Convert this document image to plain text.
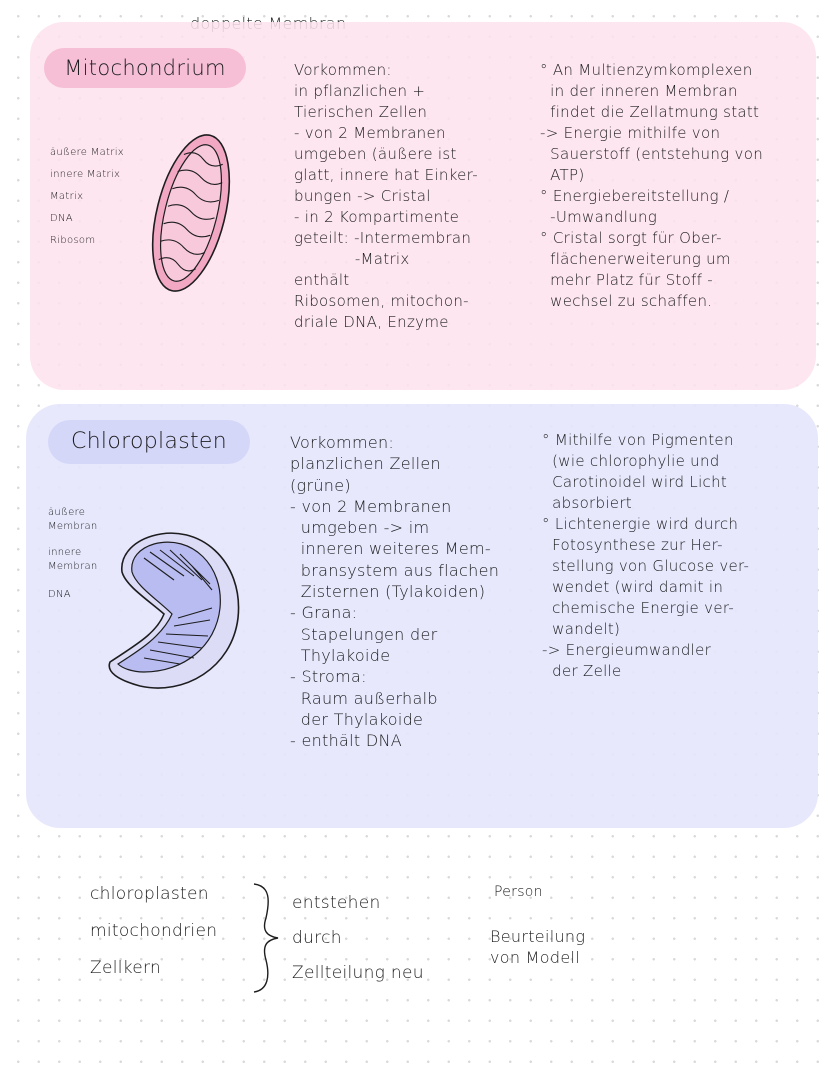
Mitochondrium
äußere Matrix
innere Matrix
Matrix
DNA
Ribosom

Vorkommen:

in pflanzlichen +

Tierischen Zellen

- von 2 Membranen

umgeben (äußere ist

glatt, innere hat Einker-

bungen -> Cristal

- in 2 Kompartimente

geteilt: -Intermembran

-Matrix

enthält

Ribosomen, mitochon-

driale DNA, Enzyme

° An Multienzymkomplexen

in der inneren Membran

findet die Zellatmung statt

-> Energie mithilfe von

Sauerstoff (entstehung von

ATP)

° Energiebereitstellung /

-Umwandlung

° Cristal sorgt für Ober-

flächenerweiterung um

mehr Platz für Stoff -

wechsel zu schaffen.

Chloroplasten
äußere Membran
innere Membran
DNA

Vorkommen:

planzlichen Zellen

(grüne)

- von 2 Membranen

umgeben -> im

inneren weiteres Mem-

bransystem aus flachen

Zisternen (Tylakoiden)

- Grana:

Stapelungen der

Thylakoide

- Stroma:

Raum außerhalb

der Thylakoide

- enthält DNA

° Mithilfe von Pigmenten

(wie chlorophylie und

Carotinoidel wird Licht

absorbiert

° Lichtenergie wird durch

Fotosynthese zur Her-

stellung von Glucose ver-

wendet (wird damit in

chemische Energie ver-

wandelt)

-> Energieumwandler

der Zelle

chloroplasten
mitochondrien
Zellkern
entstehen
durch
Zellteilung neu
Person
Beurteilung
von Modell
